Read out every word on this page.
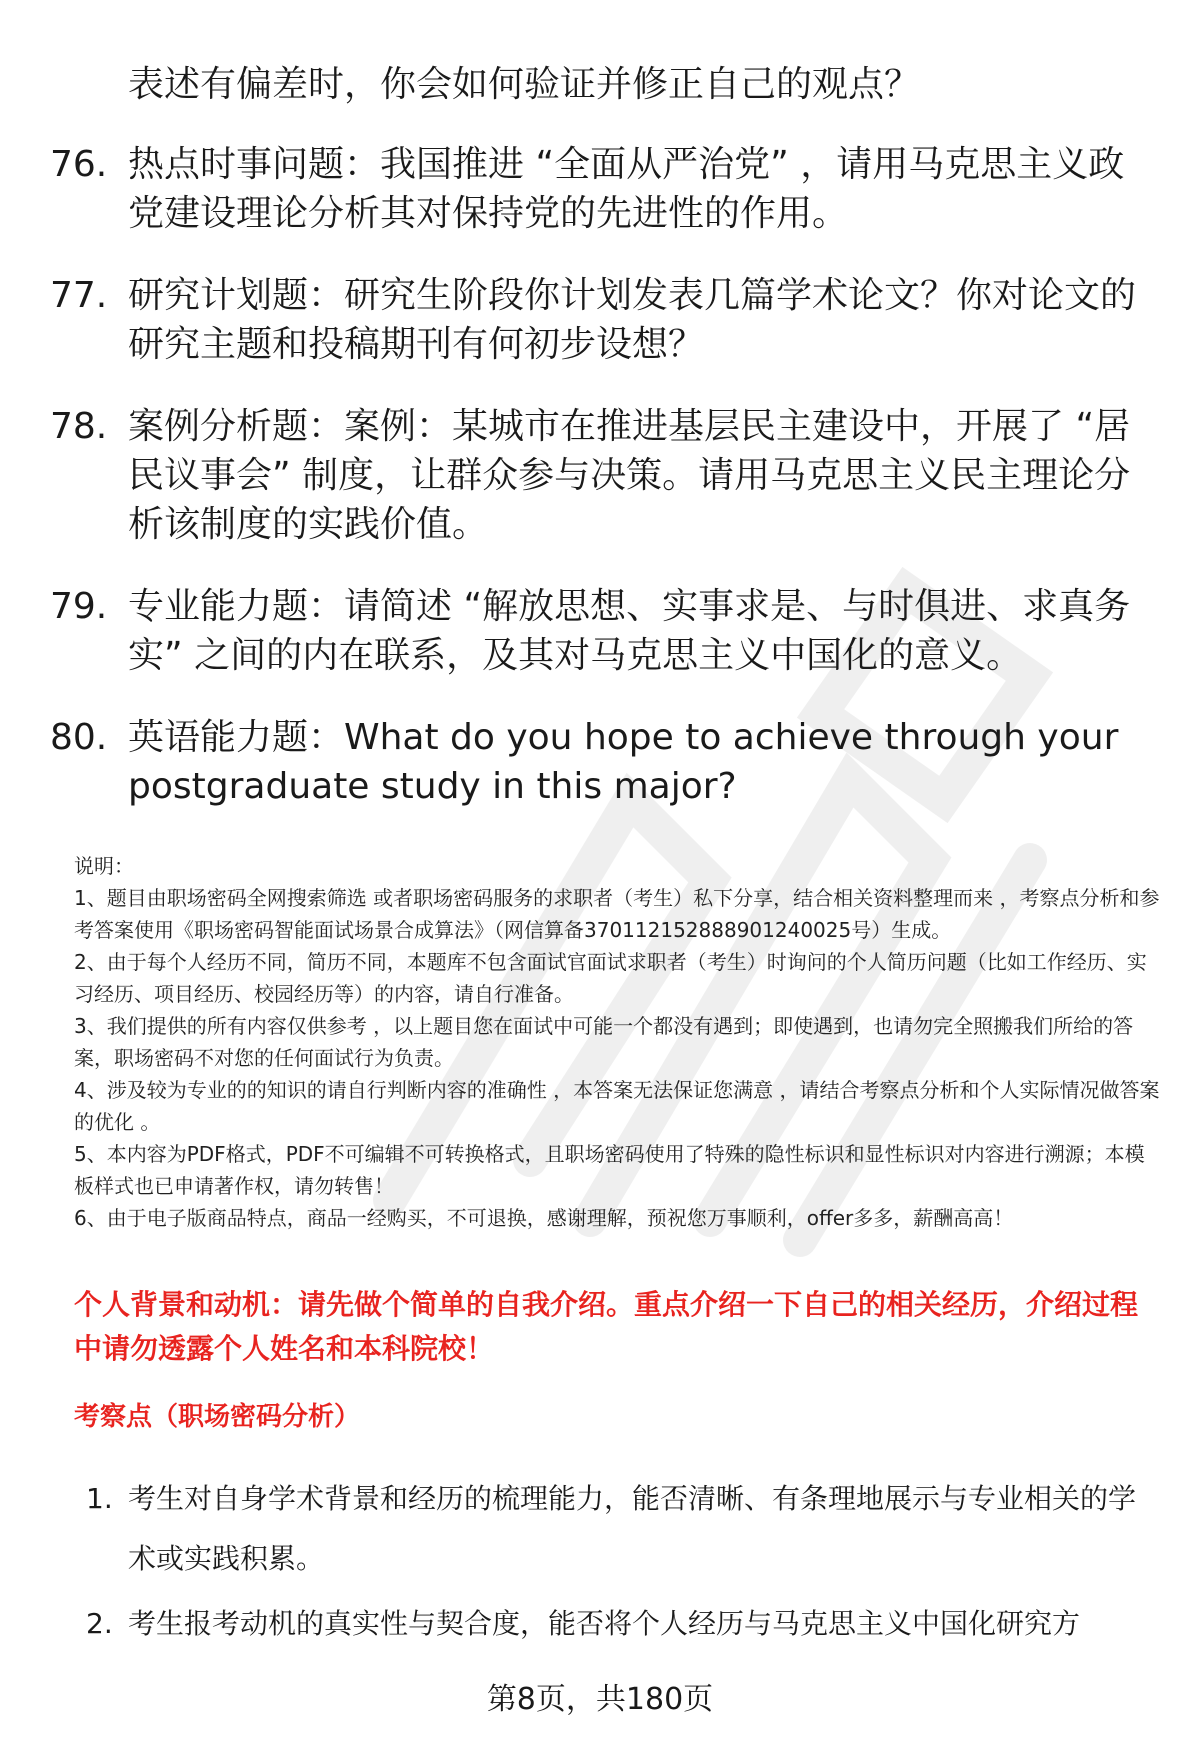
表述有偏差时，你会如何验证并修正自己的观点？

76. 热点时事问题：我国推进 “全面从严治党” ，请用马克思主义政党建设理论分析其对保持党的先进性的作用。
77. 研究计划题：研究生阶段你计划发表几篇学术论文？你对论文的研究主题和投稿期刊有何初步设想？
78. 案例分析题：案例：某城市在推进基层民主建设中，开展了 “居民议事会” 制度，让群众参与决策。请用马克思主义民主理论分析该制度的实践价值。
79. 专业能力题：请简述 “解放思想、实事求是、与时俱进、求真务实” 之间的内在联系，及其对马克思主义中国化的意义。
80. 英语能力题：What do you hope to achieve through your postgraduate study in this major?

说明：

1、题目由职场密码全网搜索筛选 或者职场密码服务的求职者（考生）私下分享，结合相关资料整理而来 ，考察点分析和参考答案使用《职场密码智能面试场景合成算法》（网信算备370112152888901240025号）生成。

2、由于每个人经历不同，简历不同，本题库不包含面试官面试求职者（考生）时询问的个人简历问题（比如工作经历、实习经历、项目经历、校园经历等）的内容，请自行准备。

3、我们提供的所有内容仅供参考 ，以上题目您在面试中可能一个都没有遇到；即使遇到，也请勿完全照搬我们所给的答案，职场密码不对您的任何面试行为负责。

4、涉及较为专业的的知识的请自行判断内容的准确性 ，本答案无法保证您满意 ，请结合考察点分析和个人实际情况做答案的优化 。

5、本内容为PDF格式，PDF不可编辑不可转换格式，且职场密码使用了特殊的隐性标识和显性标识对内容进行溯源；本模板样式也已申请著作权，请勿转售！

6、由于电子版商品特点，商品一经购买，不可退换，感谢理解，预祝您万事顺利，offer多多，薪酬高高！

个人背景和动机：请先做个简单的自我介绍。重点介绍一下自己的相关经历，介绍过程中请勿透露个人姓名和本科院校！

考察点（职场密码分析）

1. 考生对自身学术背景和经历的梳理能力，能否清晰、有条理地展示与专业相关的学术或实践积累。
2. 考生报考动机的真实性与契合度，能否将个人经历与马克思主义中国化研究方
第8页，共180页
